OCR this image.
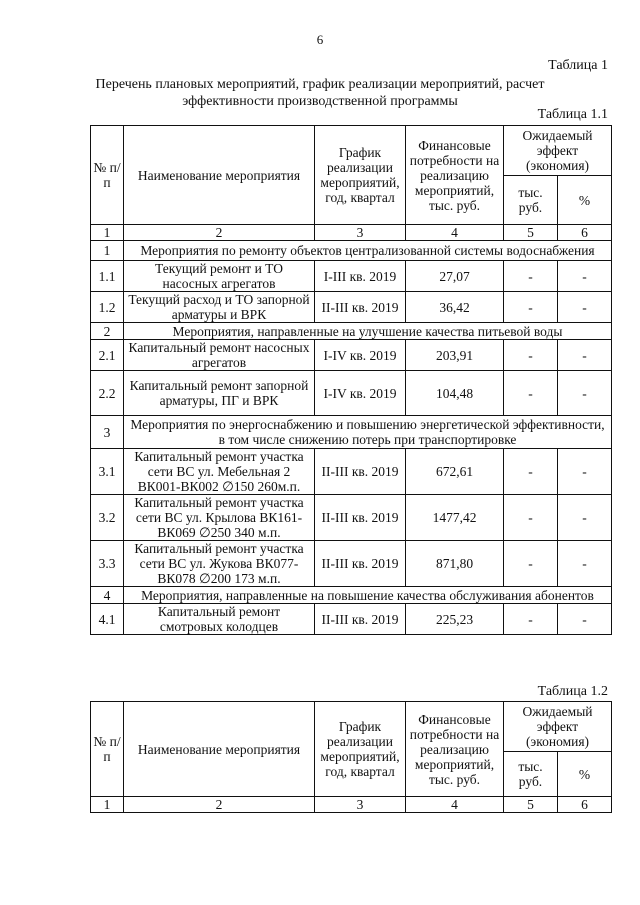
6
Таблица 1
Перечень плановых мероприятий, график реализации мероприятий, расчет
эффективности производственной программы
Таблица 1.1
№ п/ п	Наименование мероприятия	График реализации мероприятий, год, квартал	Финансовые потребности на реализацию мероприятий, тыс. руб.	Ожидаемый эффект (экономия)	
				тыс. руб.	%
1	2	3	4	5	6
1	Мероприятия по ремонту объектов централизованной системы водоснабжения				
1.1	Текущий ремонт и ТО насосных агрегатов	I-III кв. 2019	27,07	-	-
1.2	Текущий расход и ТО запорной арматуры и ВРК	II-III кв. 2019	36,42	-	-
2	Мероприятия, направленные на улучшение качества питьевой воды				
2.1	Капитальный ремонт насосных агрегатов	I-IV кв. 2019	203,91	-	-
2.2	Капитальный ремонт запорной арматуры, ПГ и ВРК	I-IV кв. 2019	104,48	-	-
3	Мероприятия по энергоснабжению и повышению энергетической эффективности, в том числе снижению потерь при транспортировке				
3.1	Капитальный ремонт участка сети ВС ул. Мебельная 2 ВК001-ВК002 ∅150 260м.п.	II-III кв. 2019	672,61	-	-
3.2	Капитальный ремонт участка сети ВС ул. Крылова ВК161-ВК069 ∅250 340 м.п.	II-III кв. 2019	1477,42	-	-
3.3	Капитальный ремонт участка сети ВС ул. Жукова ВК077-ВК078 ∅200 173 м.п.	II-III кв. 2019	871,80	-	-
4	Мероприятия, направленные на повышение качества обслуживания абонентов				
4.1	Капитальный ремонт смотровых колодцев	II-III кв. 2019	225,23	-	-
Таблица 1.2
№ п/ п	Наименование мероприятия	График реализации мероприятий, год, квартал	Финансовые потребности на реализацию мероприятий, тыс. руб.	Ожидаемый эффект (экономия)	
				тыс. руб.	%
1	2	3	4	5	6
